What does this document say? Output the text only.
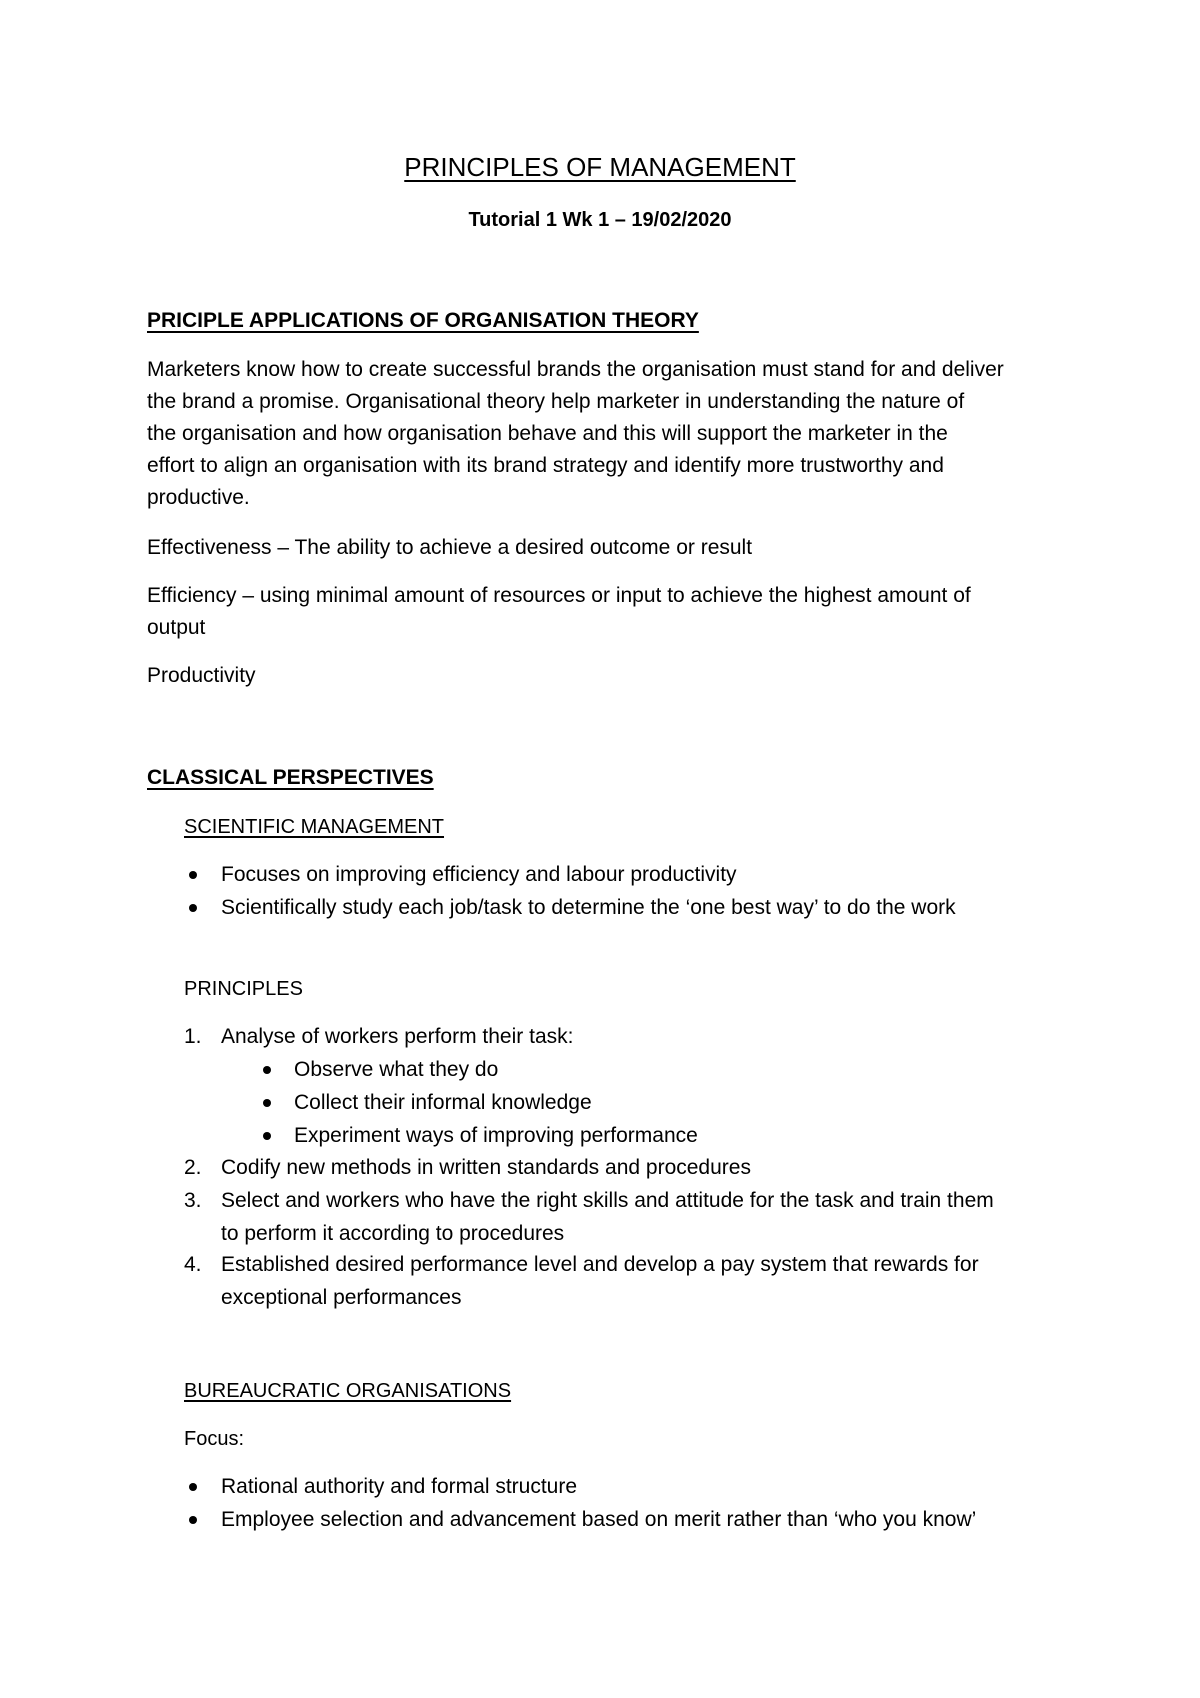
PRINCIPLES OF MANAGEMENT

Tutorial 1 Wk 1 – 19/02/2020

PRICIPLE APPLICATIONS OF ORGANISATION THEORY
Marketers know how to create successful brands the organisation must stand for and deliver
the brand a promise. Organisational theory help marketer in understanding the nature of
the organisation and how organisation behave and this will support the marketer in the
effort to align an organisation with its brand strategy and identify more trustworthy and
productive.

Effectiveness – The ability to achieve a desired outcome or result

Efficiency – using minimal amount of resources or input to achieve the highest amount of
output

Productivity

CLASSICAL PERSPECTIVES

SCIENTIFIC MANAGEMENT

Focuses on improving efficiency and labour productivity

Scientifically study each job/task to determine the ‘one best way’ to do the work

PRINCIPLES

1. Analyse of workers perform their task:

Observe what they do

Collect their informal knowledge

Experiment ways of improving performance

2. Codify new methods in written standards and procedures

3. Select and workers who have the right skills and attitude for the task and train them

to perform it according to procedures

4. Established desired performance level and develop a pay system that rewards for

exceptional performances

BUREAUCRATIC ORGANISATIONS

Focus:

Rational authority and formal structure

Employee selection and advancement based on merit rather than ‘who you know’
